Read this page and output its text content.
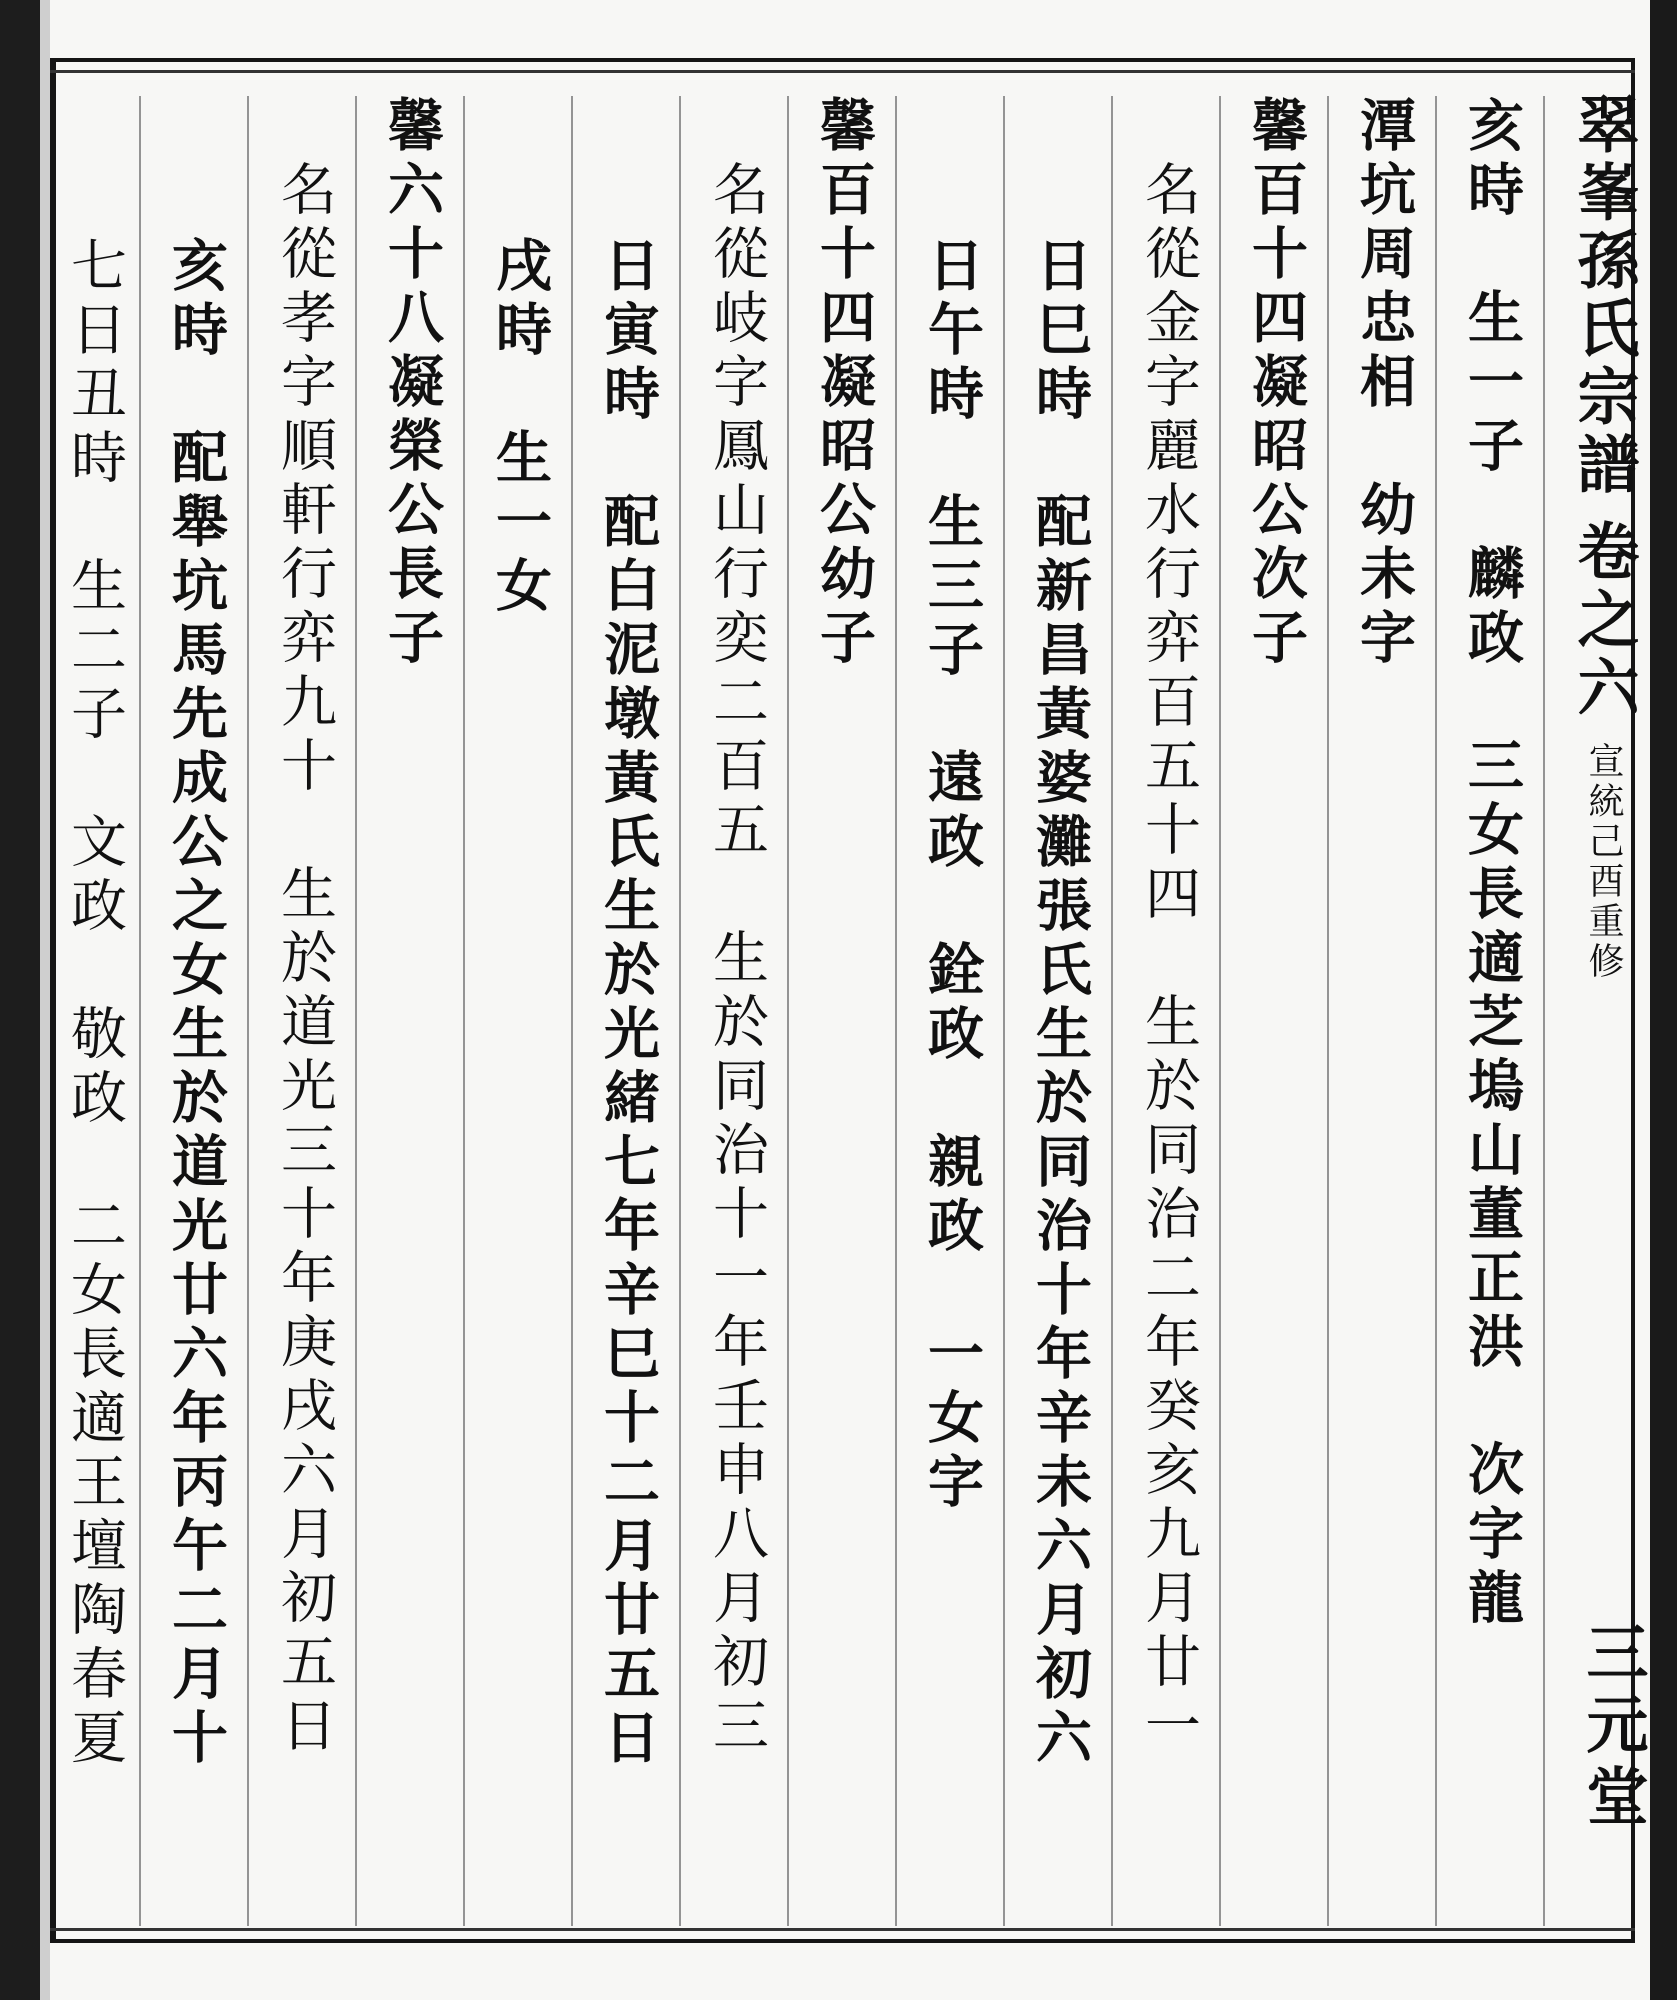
翠峯孫氏宗譜 卷之六 宣統己酉重修
三元堂
亥時　生一子　麟政　三女長適芝塢山董正洪　次字龍
潭坑周忠相　幼未字
馨百十四凝昭公次子
名從金字麗水行弈百五十四　生於同治二年癸亥九月廿一
日巳時　配新昌黃婆灘張氏生於同治十年辛未六月初六
日午時　生三子　遠政　銓政　親政　一女字
馨百十四凝昭公幼子
名從岐字鳳山行奕二百五　生於同治十一年壬申八月初三
日寅時　配白泥墩黃氏生於光緒七年辛巳十二月廿五日
戌時　生一女
馨六十八凝榮公長子
名從孝字順軒行弈九十　生於道光三十年庚戌六月初五日
亥時　配舉坑馬先成公之女生於道光廿六年丙午二月十
七日丑時　生二子　文政　敬政　二女長適王壇陶春夏
